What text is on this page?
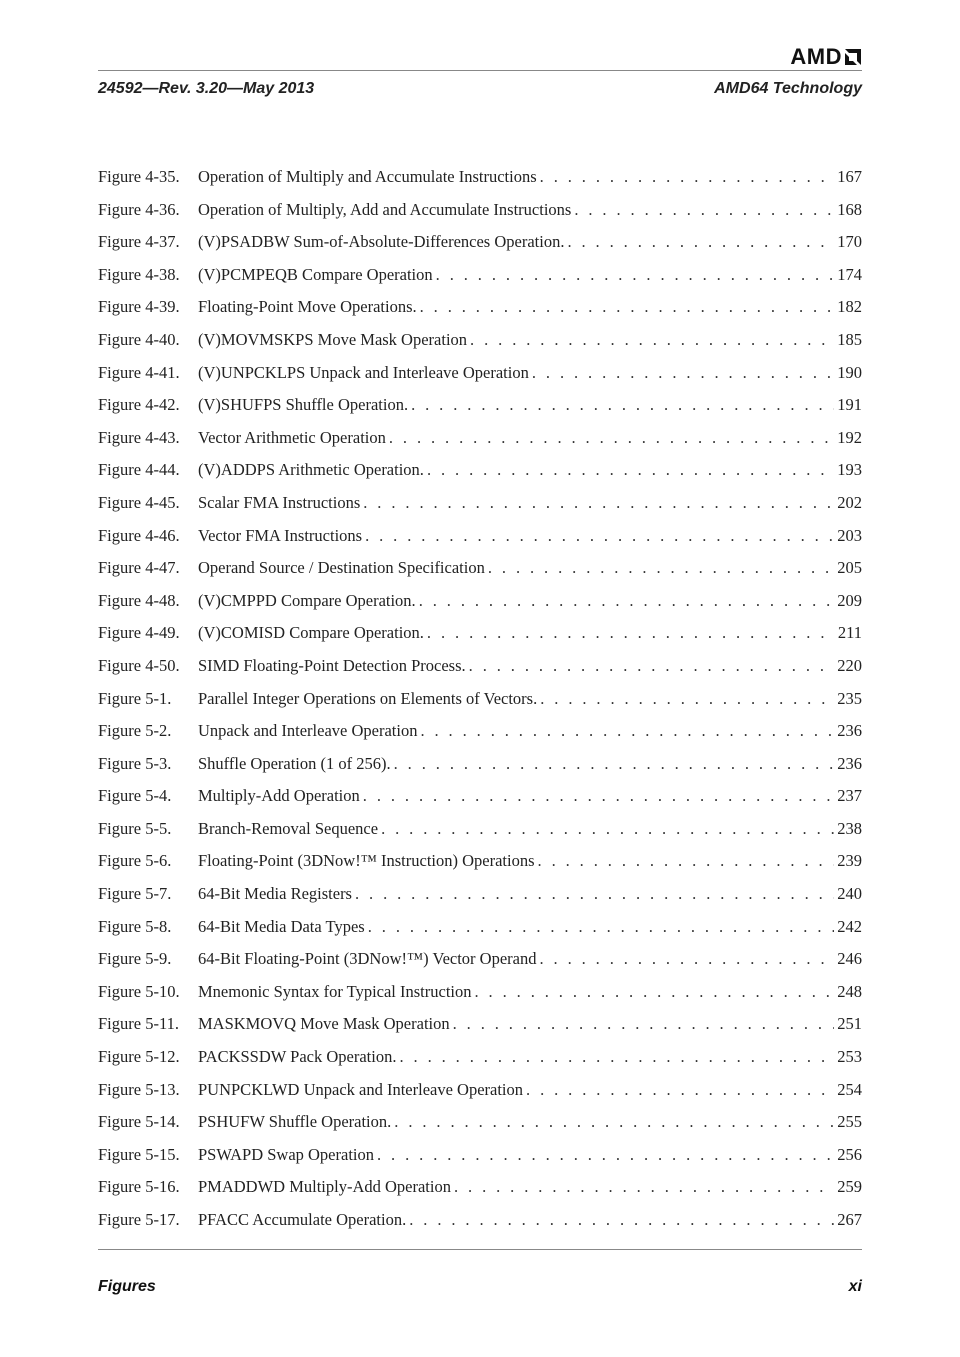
AMD
24592—Rev. 3.20—May 2013	AMD64 Technology
Figure 4-35.	Operation of Multiply and Accumulate Instructions . . .	167
Figure 4-36.	Operation of Multiply, Add and Accumulate Instructions . . .	168
Figure 4-37.	(V)PSADBW Sum-of-Absolute-Differences Operation. . . .	170
Figure 4-38.	(V)PCMPEQB Compare Operation . . .	174
Figure 4-39.	Floating-Point Move Operations. . . .	182
Figure 4-40.	(V)MOVMSKPS Move Mask Operation . . .	185
Figure 4-41.	(V)UNPCKLPS Unpack and Interleave Operation . . .	190
Figure 4-42.	(V)SHUFPS Shuffle Operation. . . .	191
Figure 4-43.	Vector Arithmetic Operation . . .	192
Figure 4-44.	(V)ADDPS Arithmetic Operation. . . .	193
Figure 4-45.	Scalar FMA Instructions . . .	202
Figure 4-46.	Vector FMA Instructions . . .	203
Figure 4-47.	Operand Source / Destination Specification . . .	205
Figure 4-48.	(V)CMPPD Compare Operation. . . .	209
Figure 4-49.	(V)COMISD Compare Operation. . . .	211
Figure 4-50.	SIMD Floating-Point Detection Process. . . .	220
Figure 5-1.	Parallel Integer Operations on Elements of Vectors. . . .	235
Figure 5-2.	Unpack and Interleave Operation . . .	236
Figure 5-3.	Shuffle Operation (1 of 256). . . .	236
Figure 5-4.	Multiply-Add Operation . . .	237
Figure 5-5.	Branch-Removal Sequence . . .	238
Figure 5-6.	Floating-Point (3DNow!™ Instruction) Operations . . .	239
Figure 5-7.	64-Bit Media Registers . . .	240
Figure 5-8.	64-Bit Media Data Types . . .	242
Figure 5-9.	64-Bit Floating-Point (3DNow!™) Vector Operand . . .	246
Figure 5-10.	Mnemonic Syntax for Typical Instruction . . .	248
Figure 5-11.	MASKMOVQ Move Mask Operation . . .	251
Figure 5-12.	PACKSSDW Pack Operation. . . .	253
Figure 5-13.	PUNPCKLWD Unpack and Interleave Operation . . .	254
Figure 5-14.	PSHUFW Shuffle Operation. . . .	255
Figure 5-15.	PSWAPD Swap Operation . . .	256
Figure 5-16.	PMADDWD Multiply-Add Operation . . .	259
Figure 5-17.	PFACC Accumulate Operation. . . .	267
Figures	xi
